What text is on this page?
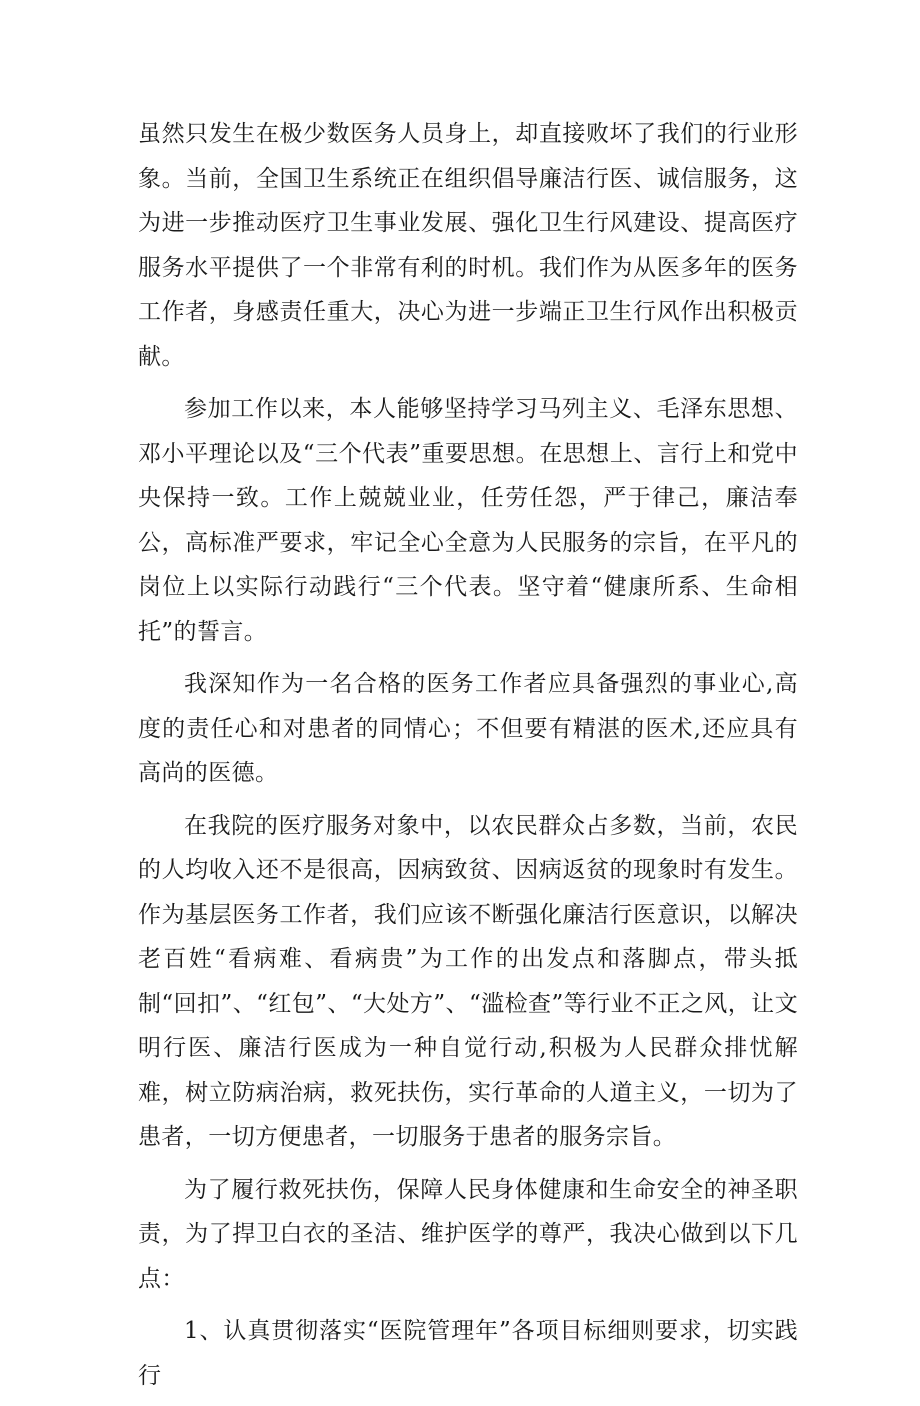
虽然只发生在极少数医务人员身上，却直接败坏了我们的行业形象。当前，全国卫生系统正在组织倡导廉洁行医、诚信服务，这为进一步推动医疗卫生事业发展、强化卫生行风建设、提高医疗服务水平提供了一个非常有利的时机。我们作为从医多年的医务工作者，身感责任重大，决心为进一步端正卫生行风作出积极贡献。

参加工作以来，本人能够坚持学习马列主义、毛泽东思想、邓小平理论以及“三个代表”重要思想。在思想上、言行上和党中央保持一致。工作上兢兢业业，任劳任怨，严于律己，廉洁奉公，高标准严要求，牢记全心全意为人民服务的宗旨，在平凡的岗位上以实际行动践行“三个代表。坚守着“健康所系、生命相托”的誓言。

我深知作为一名合格的医务工作者应具备强烈的事业心,高度的责任心和对患者的同情心；不但要有精湛的医术,还应具有高尚的医德。

在我院的医疗服务对象中，以农民群众占多数，当前，农民的人均收入还不是很高，因病致贫、因病返贫的现象时有发生。作为基层医务工作者，我们应该不断强化廉洁行医意识，以解决老百姓“看病难、看病贵”为工作的出发点和落脚点，带头抵制“回扣”、“红包”、“大处方”、“滥检查”等行业不正之风，让文明行医、廉洁行医成为一种自觉行动,积极为人民群众排忧解难，树立防病治病，救死扶伤，实行革命的人道主义，一切为了患者，一切方便患者，一切服务于患者的服务宗旨。

为了履行救死扶伤，保障人民身体健康和生命安全的神圣职责，为了捍卫白衣的圣洁、维护医学的尊严，我决心做到以下几点：

1、认真贯彻落实“医院管理年”各项目标细则要求，切实践行
